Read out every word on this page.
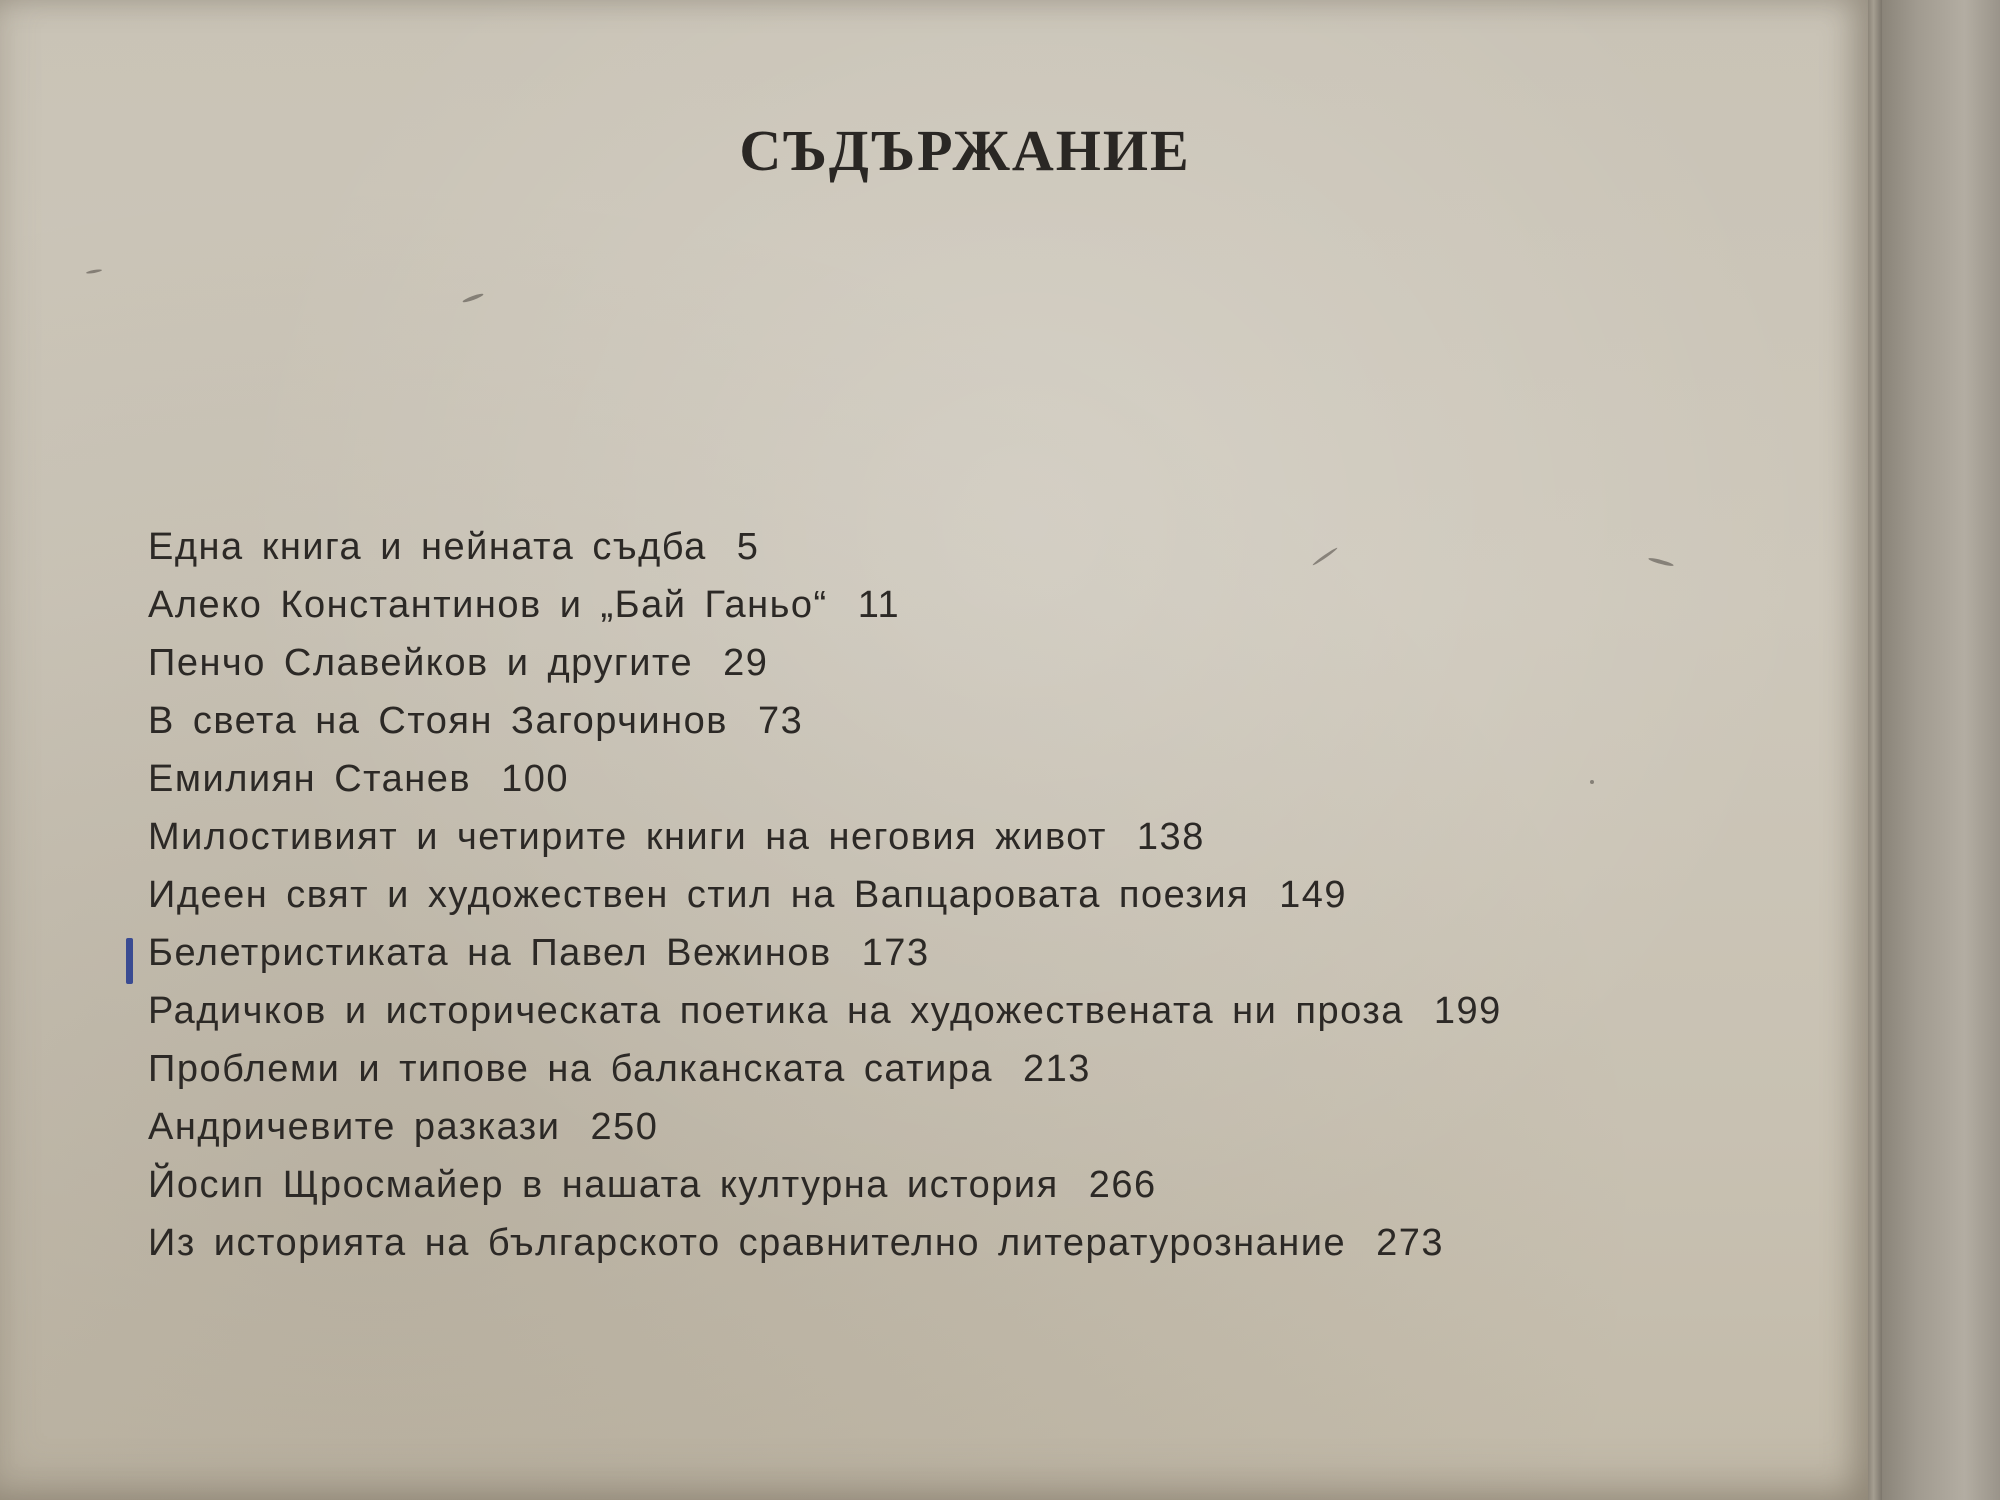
СЪДЪРЖАНИЕ
Една книга и нейната съдба 5
Алеко Константинов и „Бай Ганьо“ 11
Пенчо Славейков и другите 29
В света на Стоян Загорчинов 73
Емилиян Станев 100
Милостивият и четирите книги на неговия живот 138
Идеен свят и художествен стил на Вапцаровата поезия 149
Белетристиката на Павел Вежинов 173
Радичков и историческата поетика на художествената ни проза 199
Проблеми и типове на балканската сатира 213
Андричевите разкази 250
Йосип Щросмайер в нашата културна история 266
Из историята на българското сравнително литературознание 273
